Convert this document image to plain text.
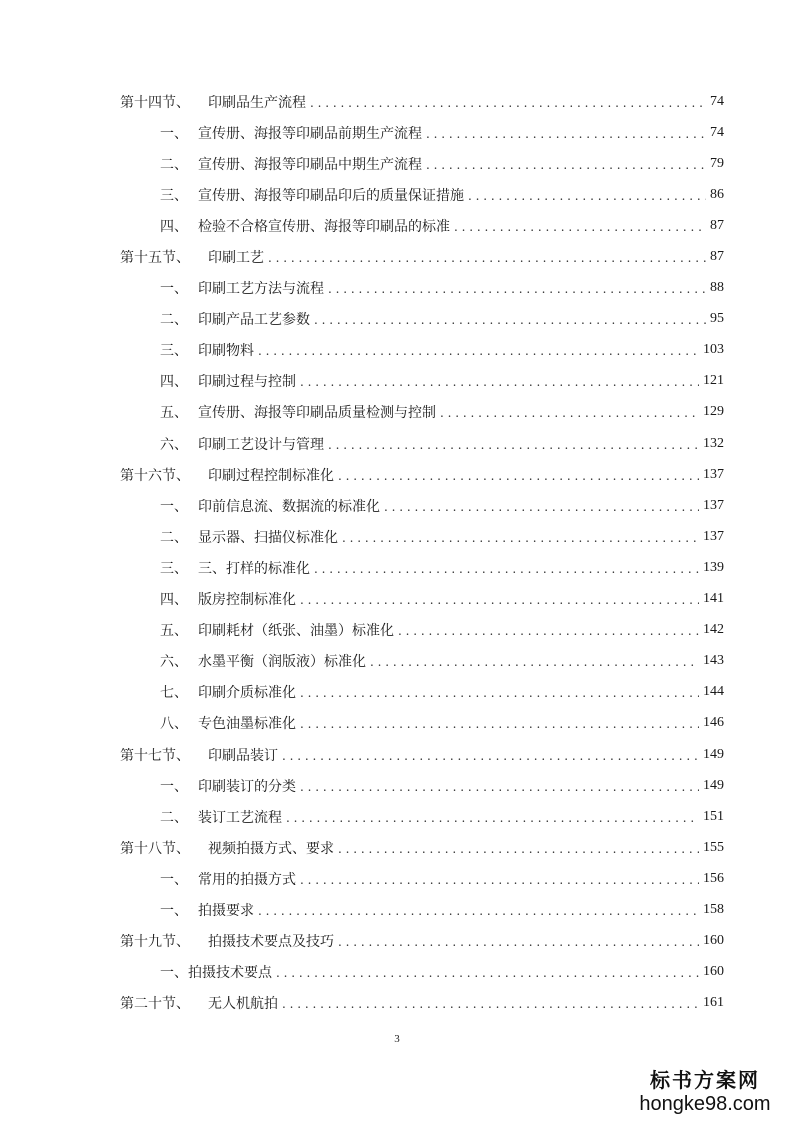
第十四节、	印刷品生产流程 . . .	74
一、 宣传册、海报等印刷品前期生产流程 . . .	74
二、 宣传册、海报等印刷品中期生产流程 . . .	79
三、 宣传册、海报等印刷品印后的质量保证措施 . . .	86
四、 检验不合格宣传册、海报等印刷品的标准 . . .	87
第十五节、	印刷工艺 . . .	87
一、 印刷工艺方法与流程 . . .	88
二、 印刷产品工艺参数 . . .	95
三、 印刷物料 . . .	103
四、 印刷过程与控制 . . .	121
五、 宣传册、海报等印刷品质量检测与控制 . . .	129
六、 印刷工艺设计与管理 . . .	132
第十六节、	印刷过程控制标准化 . . .	137
一、 印前信息流、数据流的标准化 . . .	137
二、 显示器、扫描仪标准化 . . .	137
三、 三、打样的标准化 . . .	139
四、 版房控制标准化 . . .	141
五、 印刷耗材（纸张、油墨）标准化 . . .	142
六、 水墨平衡（润版液）标准化 . . .	143
七、 印刷介质标准化 . . .	144
八、 专色油墨标准化 . . .	146
第十七节、	印刷品装订 . . .	149
一、 印刷装订的分类 . . .	149
二、 装订工艺流程 . . .	151
第十八节、	视频拍摄方式、要求 . . .	155
一、 常用的拍摄方式 . . .	156
一、 拍摄要求 . . .	158
第十九节、	拍摄技术要点及技巧 . . .	160
一、 拍摄技术要点 . . .	160
第二十节、	无人机航拍 . . .	161
3
标书方案网
hongke98.com
